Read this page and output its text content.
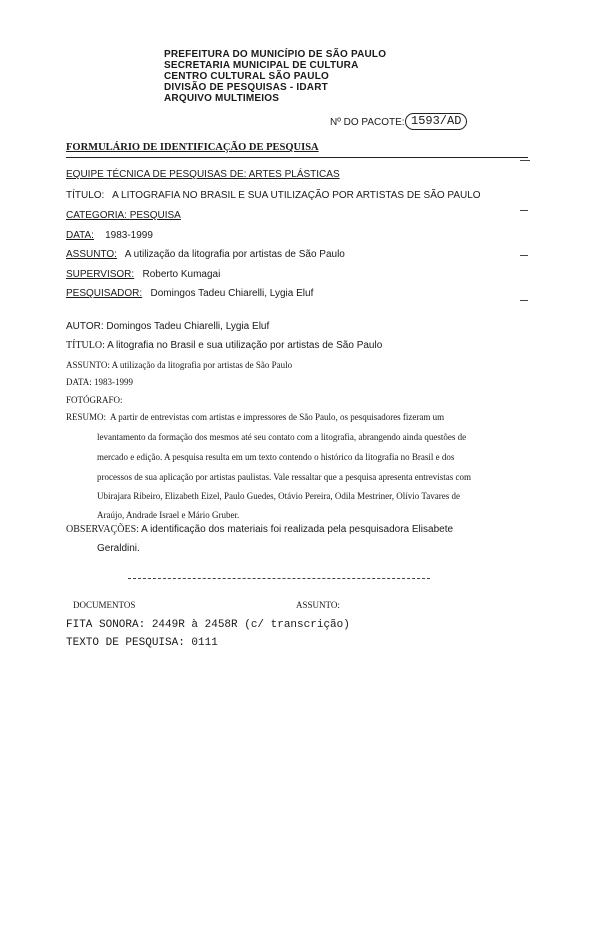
PREFEITURA DO MUNICÍPIO DE SÃO PAULO
SECRETARIA MUNICIPAL DE CULTURA
CENTRO CULTURAL SÃO PAULO
DIVISÃO DE PESQUISAS - IDART
ARQUIVO MULTIMEIOS
Nº DO PACOTE: 1593/AD
FORMULÁRIO DE IDENTIFICAÇÃO DE PESQUISA
EQUIPE TÉCNICA DE PESQUISAS DE: ARTES PLÁSTICAS
TÍTULO: A LITOGRAFIA NO BRASIL E SUA UTILIZAÇÃO POR ARTISTAS DE SÃO PAULO
CATEGORIA: PESQUISA
DATA: 1983-1999
ASSUNTO: A utilização da litografia por artistas de São Paulo
SUPERVISOR: Roberto Kumagai
PESQUISADOR: Domingos Tadeu Chiarelli, Lygia Eluf
AUTOR: Domingos Tadeu Chiarelli, Lygia Eluf
TÍTULO: A litografia no Brasil e sua utilização por artistas de São Paulo
ASSUNTO: A utilização da litografia por artistas de São Paulo
DATA: 1983-1999
FOTÓGRAFO:
RESUMO: A partir de entrevistas com artistas e impressores de São Paulo, os pesquisadores fizeram um
levantamento da formação dos mesmos até seu contato com a litografia, abrangendo ainda questões de
mercado e edição. A pesquisa resulta em um texto contendo o histórico da litografia no Brasil e dos
processos de sua aplicação por artistas paulistas. Vale ressaltar que a pesquisa apresenta entrevistas com
Ubirajara Ribeiro, Elizabeth Eizel, Paulo Guedes, Otávio Pereira, Odila Mestriner, Olívio Tavares de
Araújo, Andrade Israel e Mário Gruber.
OBSERVAÇÕES: A identificação dos materiais foi realizada pela pesquisadora Elisabete
Geraldini.
DOCUMENTOS	ASSUNTO:
FITA SONORA: 2449R à 2458R (c/ transcrição)
TEXTO DE PESQUISA: 0111
